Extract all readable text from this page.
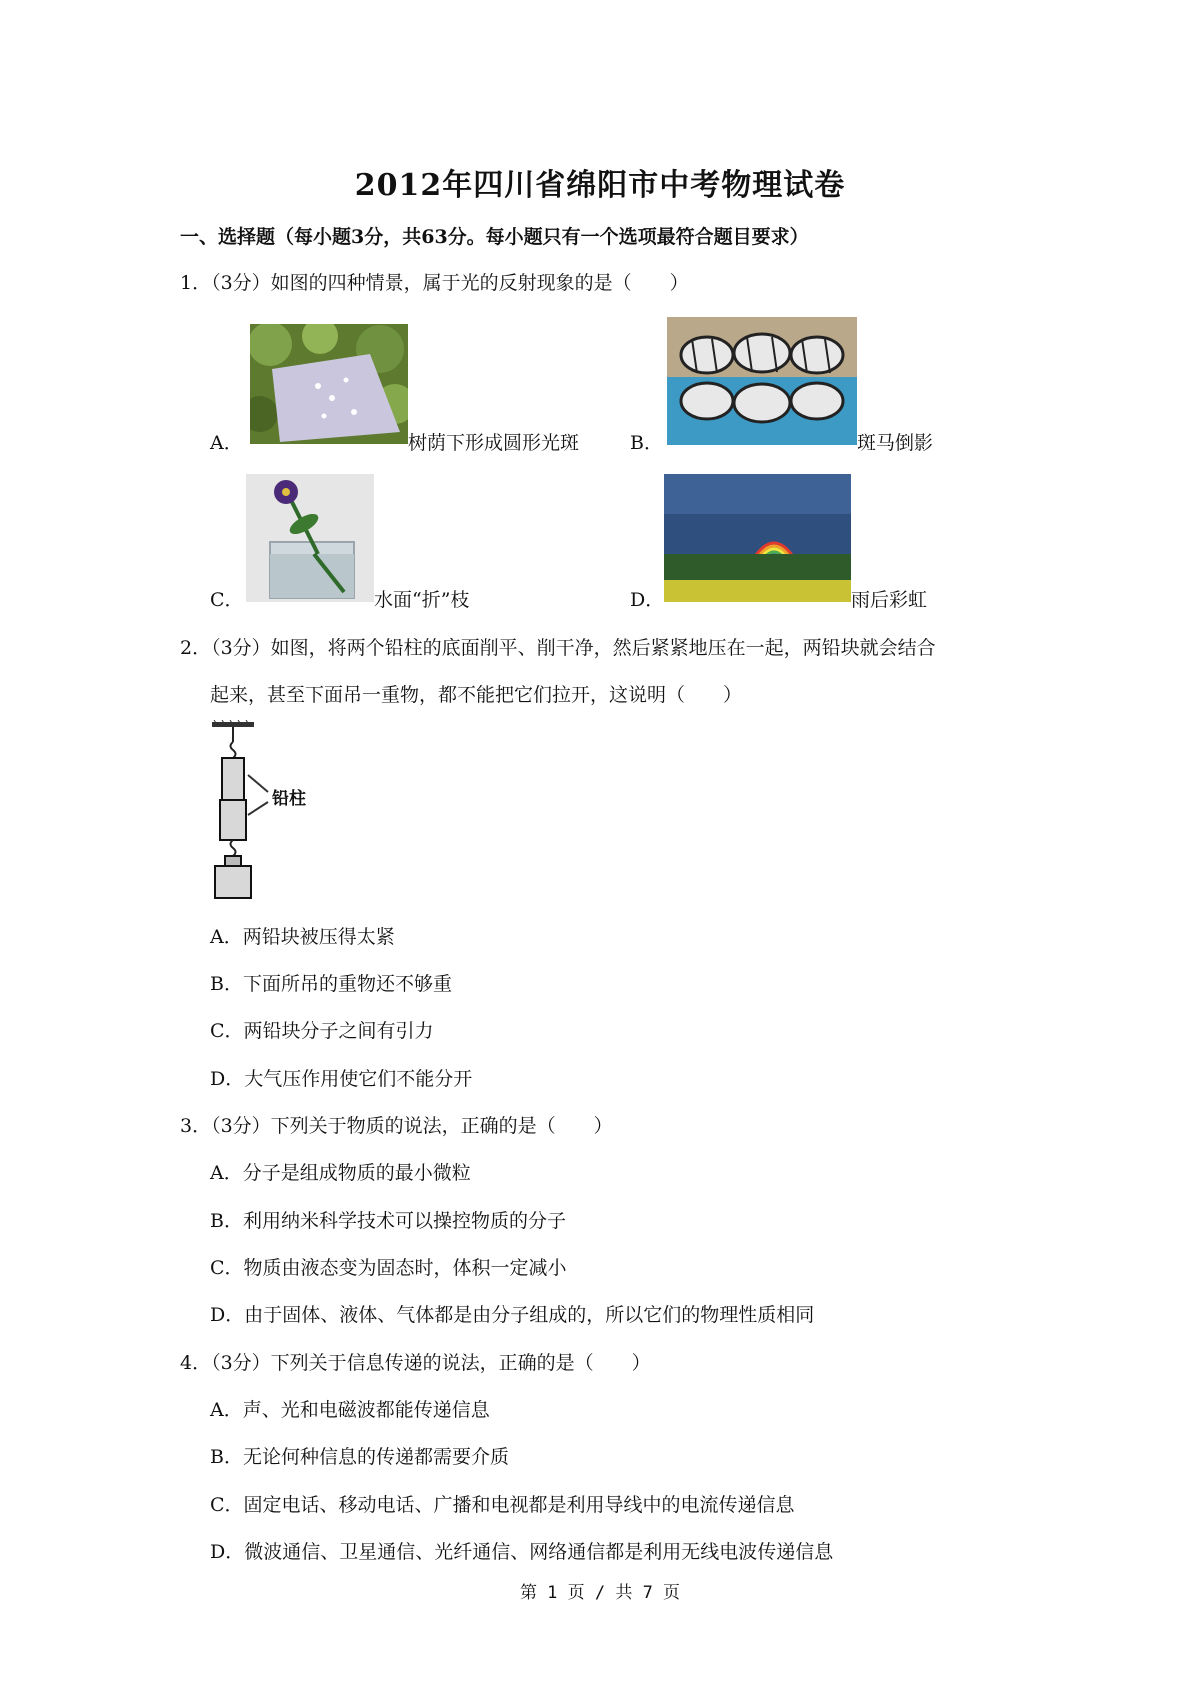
2012年四川省绵阳市中考物理试卷
一、选择题（每小题3分，共63分。每小题只有一个选项最符合题目要求）
1．（3分）如图的四种情景，属于光的反射现象的是（　　）
A．	树荫下形成圆形光斑	B．	斑马倒影
C．	水面“折”枝	D．	雨后彩虹
2．（3分）如图，将两个铅柱的底面削平、削干净，然后紧紧地压在一起，两铅块就会结合
起来，甚至下面吊一重物，都不能把它们拉开，这说明（　　）
铅柱
A．两铅块被压得太紧
B．下面所吊的重物还不够重
C．两铅块分子之间有引力
D．大气压作用使它们不能分开
3．（3分）下列关于物质的说法，正确的是（　　）
A．分子是组成物质的最小微粒
B．利用纳米科学技术可以操控物质的分子
C．物质由液态变为固态时，体积一定减小
D．由于固体、液体、气体都是由分子组成的，所以它们的物理性质相同
4．（3分）下列关于信息传递的说法，正确的是（　　）
A．声、光和电磁波都能传递信息
B．无论何种信息的传递都需要介质
C．固定电话、移动电话、广播和电视都是利用导线中的电流传递信息
D．微波通信、卫星通信、光纤通信、网络通信都是利用无线电波传递信息
第 1 页 / 共 7 页
